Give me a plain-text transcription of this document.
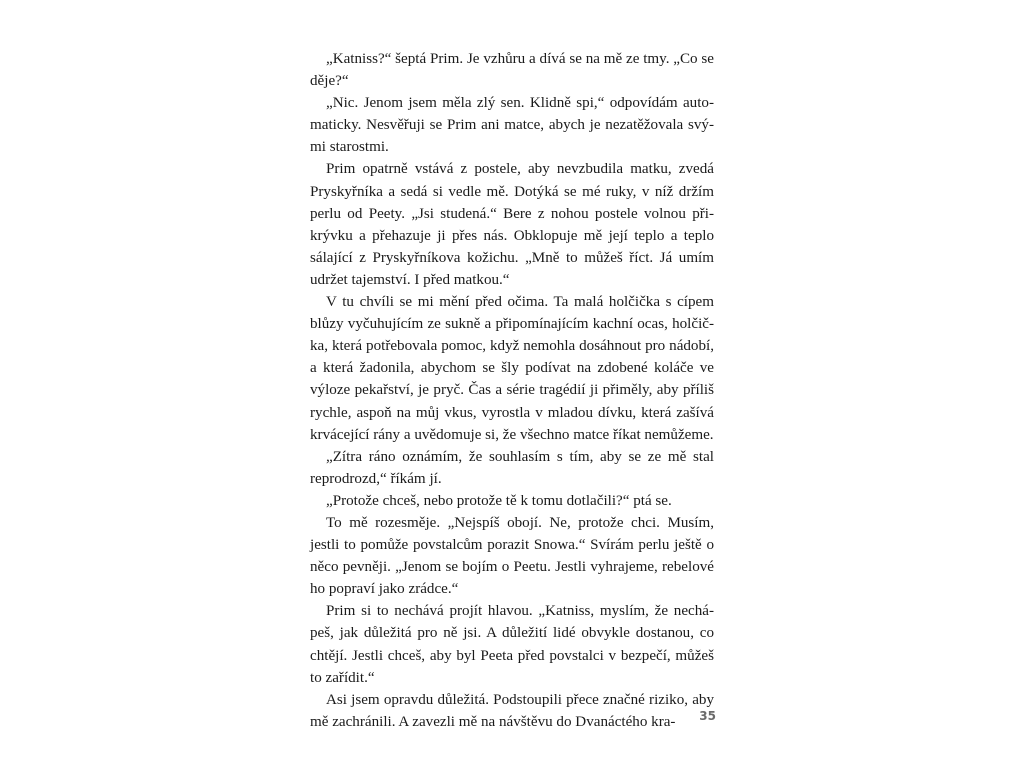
„Katniss?“ šeptá Prim. Je vzhůru a dívá se na mě ze tmy. „Co se děje?“

„Nic. Jenom jsem měla zlý sen. Klidně spi,“ odpovídám automaticky. Nesvěřuji se Prim ani matce, abych je nezatěžovala svými starostmi.

Prim opatrně vstává z postele, aby nevzbudila matku, zvedá Pryskyřníka a sedá si vedle mě. Dotýká se mé ruky, v níž držím perlu od Peety. „Jsi studená.“ Bere z nohou postele volnou přikrývku a přehazuje ji přes nás. Obklopuje mě její teplo a teplo sálající z Pryskyřníkova kožichu. „Mně to můžeš říct. Já umím udržet tajemství. I před matkou.“

V tu chvíli se mi mění před očima. Ta malá holčička s cípem blůzy vyčuhujícím ze sukně a připomínajícím kachní ocas, holčička, která potřebovala pomoc, když nemohla dosáhnout pro nádobí, a která žadonila, abychom se šly podívat na zdobené koláče ve výloze pekařství, je pryč. Čas a série tragédií ji přiměly, aby příliš rychle, aspoň na můj vkus, vyrostla v mladou dívku, která zašívá krvácející rány a uvědomuje si, že všechno matce říkat nemůžeme.

„Zítra ráno oznámím, že souhlasím s tím, aby se ze mě stal reprodrozd,“ říkám jí.

„Protože chceš, nebo protože tě k tomu dotlačili?“ ptá se.

To mě rozesměje. „Nejspíš obojí. Ne, protože chci. Musím, jestli to pomůže povstalcům porazit Snowa.“ Svírám perlu ještě o něco pevněji. „Jenom se bojím o Peetu. Jestli vyhrajeme, rebelové ho popraví jako zrádce.“

Prim si to nechává projít hlavou. „Katniss, myslím, že nechápeš, jak důležitá pro ně jsi. A důležití lidé obvykle dostanou, co chtějí. Jestli chceš, aby byl Peeta před povstalci v bezpečí, můžeš to zařídit.“

Asi jsem opravdu důležitá. Podstoupili přece značné riziko, aby mě zachránili. A zavezli mě na návštěvu do Dvanáctého kra-	35
